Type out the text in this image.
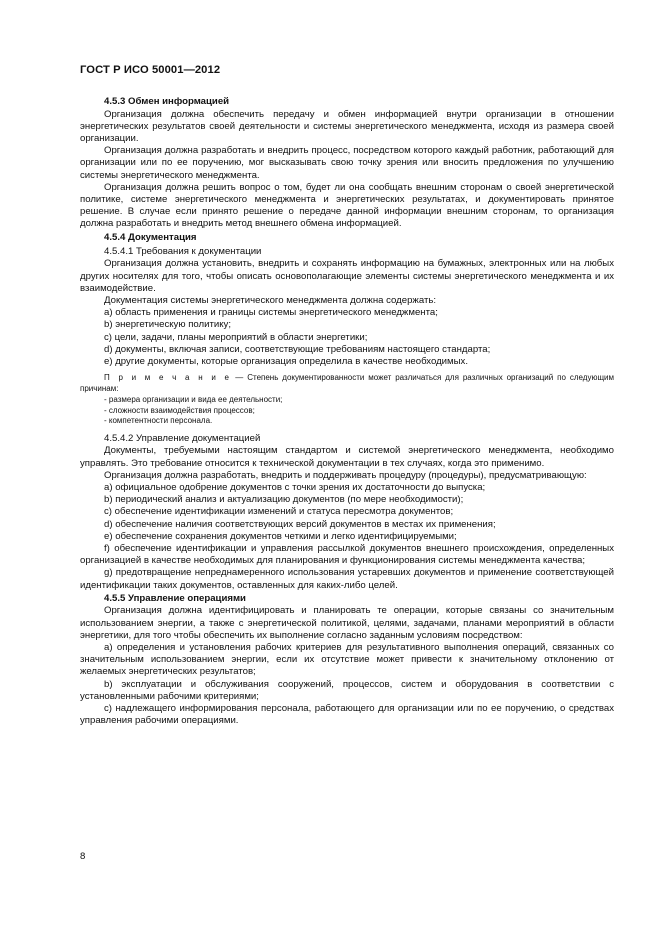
ГОСТ Р ИСО 50001—2012
4.5.3 Обмен информацией

Организация должна обеспечить передачу и обмен информацией внутри организации в отношении энергетических результатов своей деятельности и системы энергетического менеджмента, исходя из размера своей организации.

Организация должна разработать и внедрить процесс, посредством которого каждый работник, работающий для организации или по ее поручению, мог высказывать свою точку зрения или вносить предложения по улучшению системы энергетического менеджмента.

Организация должна решить вопрос о том, будет ли она сообщать внешним сторонам о своей энергетической политике, системе энергетического менеджмента и энергетических результатах, и документировать принятое решение. В случае если принято решение о передаче данной информации внешним сторонам, то организация должна разработать и внедрить метод внешнего обмена информацией.

4.5.4 Документация

4.5.4.1 Требования к документации

Организация должна установить, внедрить и сохранять информацию на бумажных, электронных или на любых других носителях для того, чтобы описать основополагающие элементы системы энергетического менеджмента и их взаимодействие.

Документация системы энергетического менеджмента должна содержать:

a) область применения и границы системы энергетического менеджмента;

b) энергетическую политику;

c) цели, задачи, планы мероприятий в области энергетики;

d) документы, включая записи, соответствующие требованиям настоящего стандарта;

e) другие документы, которые организация определила в качестве необходимых.

П р и м е ч а н и е — Степень документированности может различаться для различных организаций по следующим причинам:
- размера организации и вида ее деятельности;
- сложности взаимодействия процессов;
- компетентности персонала.

4.5.4.2 Управление документацией

Документы, требуемыми настоящим стандартом и системой энергетического менеджмента, необходимо управлять. Это требование относится к технической документации в тех случаях, когда это применимо.

Организация должна разработать, внедрить и поддерживать процедуру (процедуры), предусматривающую:

a) официальное одобрение документов с точки зрения их достаточности до выпуска;

b) периодический анализ и актуализацию документов (по мере необходимости);

c) обеспечение идентификации изменений и статуса пересмотра документов;

d) обеспечение наличия соответствующих версий документов в местах их применения;

e) обеспечение сохранения документов четкими и легко идентифицируемыми;

f) обеспечение идентификации и управления рассылкой документов внешнего происхождения, определенных организацией в качестве необходимых для планирования и функционирования системы менеджмента качества;

g) предотвращение непреднамеренного использования устаревших документов и применение соответствующей идентификации таких документов, оставленных для каких-либо целей.

4.5.5 Управление операциями

Организация должна идентифицировать и планировать те операции, которые связаны со значительным использованием энергии, а также с энергетической политикой, целями, задачами, планами мероприятий в области энергетики, для того чтобы обеспечить их выполнение согласно заданным условиям посредством:

a) определения и установления рабочих критериев для результативного выполнения операций, связанных со значительным использованием энергии, если их отсутствие может привести к значительному отклонению от желаемых энергетических результатов;

b) эксплуатации и обслуживания сооружений, процессов, систем и оборудования в соответствии с установленными рабочими критериями;

c) надлежащего информирования персонала, работающего для организации или по ее поручению, о средствах управления рабочими операциями.

8
